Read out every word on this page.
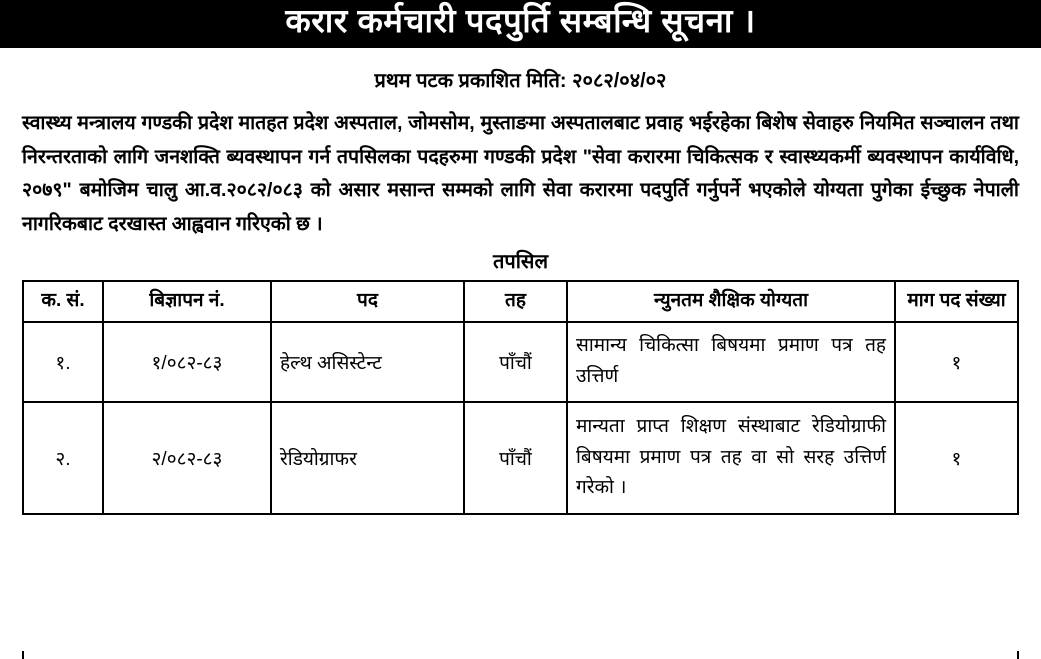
करार कर्मचारी पदपुर्ति सम्बन्धि सूचना ।
प्रथम पटक प्रकाशित मिति: २०८२/०४/०२

स्वास्थ्य मन्त्रालय गण्डकी प्रदेश मातहत प्रदेश अस्पताल, जोमसोम, मुस्ताङमा अस्पतालबाट प्रवाह भईरहेका बिशेष सेवाहरु नियमित सञ्चालन तथा निरन्तरताको लागि जनशक्ति ब्यवस्थापन गर्न तपसिलका पदहरुमा गण्डकी प्रदेश "सेवा करारमा चिकित्सक र स्वास्थ्यकर्मी ब्यवस्थापन कार्यविधि, २०७९" बमोजिम चालु आ.व.२०८२/०८३ को असार मसान्त सम्मको लागि सेवा करारमा पदपुर्ति गर्नुपर्ने भएकोले योग्यता पुगेका ईच्छुक नेपाली नागरिकबाट दरखास्त आह्ववान गरिएको छ ।

तपसिल
क. सं.	बिज्ञापन नं.	पद	तह	न्युनतम शैक्षिक योग्यता	माग पद संख्या
१.	१/०८२-८३	हेल्थ असिस्टेन्ट	पाँचौं	सामान्य चिकित्सा बिषयमा प्रमाण पत्र तह उत्तिर्ण	१
२.	२/०८२-८३	रेडियोग्राफर	पाँचौं	मान्यता प्राप्त शिक्षण संस्थाबाट रेडियोग्राफी बिषयमा प्रमाण पत्र तह वा सो सरह उत्तिर्ण गरेको ।	१
